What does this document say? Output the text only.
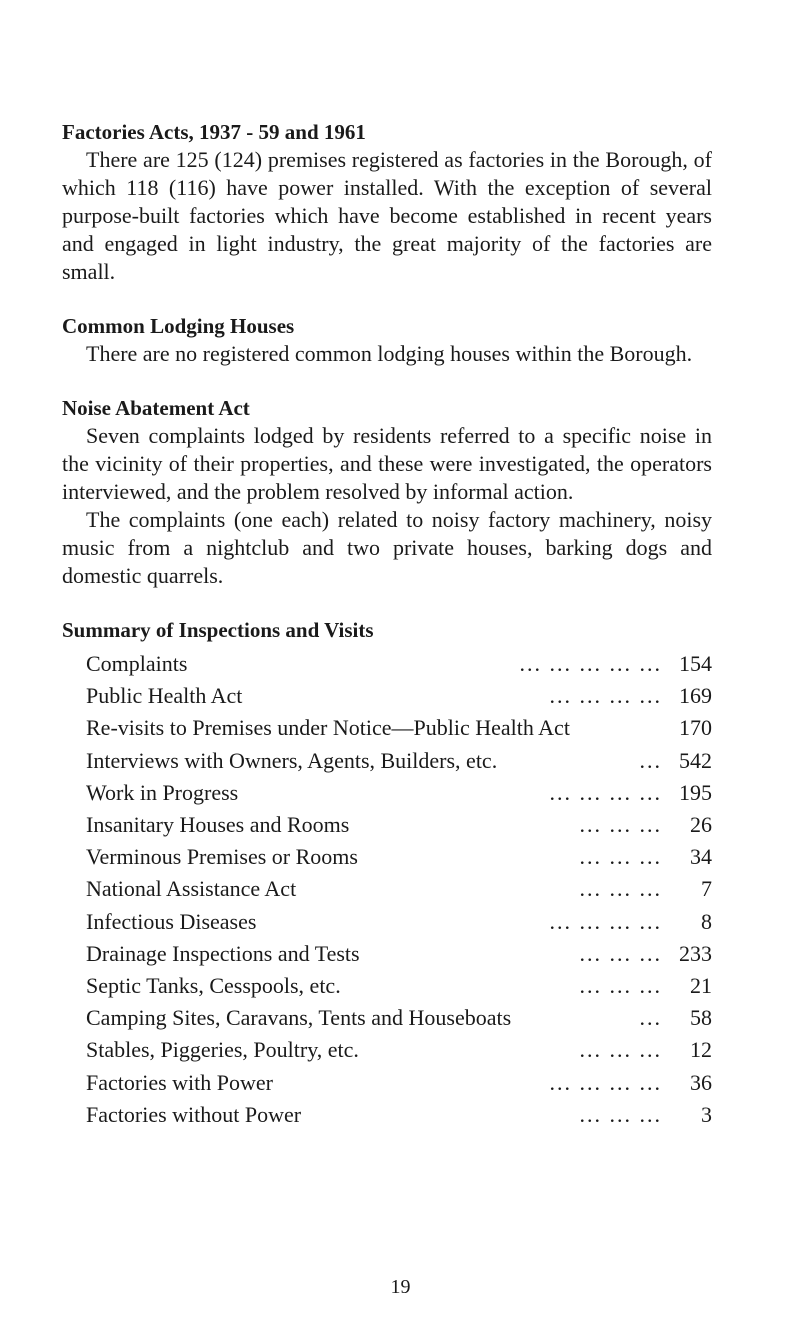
Factories Acts, 1937 - 59 and 1961

There are 125 (124) premises registered as factories in the Borough, of which 118 (116) have power installed. With the exception of several purpose-built factories which have become established in recent years and engaged in light industry, the great majority of the factories are small.

Common Lodging Houses

There are no registered common lodging houses within the Borough.

Noise Abatement Act

Seven complaints lodged by residents referred to a specific noise in the vicinity of their properties, and these were investigated, the operators interviewed, and the problem resolved by informal action.

The complaints (one each) related to noisy factory machinery, noisy music from a nightclub and two private houses, barking dogs and domestic quarrels.

Summary of Inspections and Visits
Complaints	... ... ... ... ... 154
Public Health Act	... ... ... ... 169
Re-visits to Premises under Notice—Public Health Act	170
Interviews with Owners, Agents, Builders, etc.	... 542
Work in Progress	... ... ... ... 195
Insanitary Houses and Rooms	... ... ...	26
Verminous Premises or Rooms	... ... ...	34
National Assistance Act	... ... ...	7
Infectious Diseases	... ... ... ...	8
Drainage Inspections and Tests	... ... ... 233
Septic Tanks, Cesspools, etc.	... ... ...	21
Camping Sites, Caravans, Tents and Houseboats	...	58
Stables, Piggeries, Poultry, etc.	... ... ...	12
Factories with Power	... ... ... ...	36
Factories without Power	... ... ...	3
19
